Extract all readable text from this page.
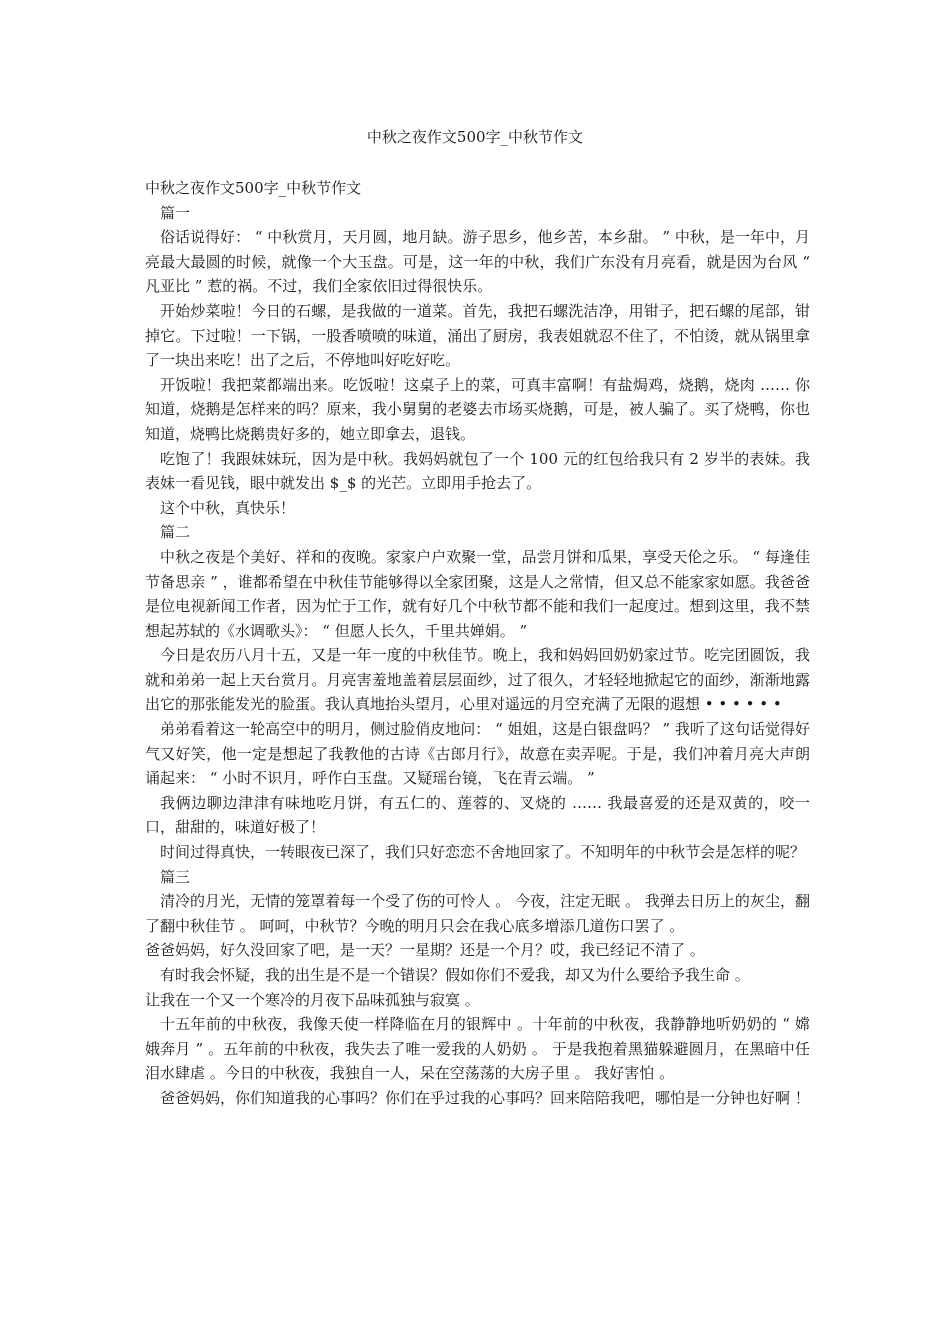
中秋之夜作文500字_中秋节作文

中秋之夜作文500字_中秋节作文

篇一

俗话说得好： “ 中秋赏月，天月圆，地月缺。游子思乡，他乡苦，本乡甜。 ” 中秋，是一年中，月亮最大最圆的时候，就像一个大玉盘。可是，这一年的中秋，我们广东没有月亮看，就是因为台风 “ 凡亚比 ” 惹的祸。不过，我们全家依旧过得很快乐。

开始炒菜啦！今日的石螺，是我做的一道菜。首先，我把石螺洗洁净，用钳子，把石螺的尾部，钳掉它。下过啦！一下锅，一股香喷喷的味道，涌出了厨房，我表姐就忍不住了，不怕烫，就从锅里拿了一块出来吃！出了之后，不停地叫好吃好吃。

开饭啦！我把菜都端出来。吃饭啦！这桌子上的菜，可真丰富啊！有盐焗鸡，烧鹅，烧肉 …… 你知道，烧鹅是怎样来的吗？原来，我小舅舅的老婆去市场买烧鹅，可是，被人骗了。买了烧鸭，你也知道，烧鸭比烧鹅贵好多的，她立即拿去，退钱。

吃饱了！我跟妹妹玩，因为是中秋。我妈妈就包了一个 100 元的红包给我只有 2 岁半的表妹。我表妹一看见钱，眼中就发出 $_$ 的光芒。立即用手抢去了。

这个中秋，真快乐！

篇二

中秋之夜是个美好、祥和的夜晚。家家户户欢聚一堂，品尝月饼和瓜果，享受天伦之乐。 “ 每逢佳节备思亲 ” ，谁都希望在中秋佳节能够得以全家团聚，这是人之常情，但又总不能家家如愿。我爸爸 是位电视新闻工作者，因为忙于工作，就有好几个中秋节都不能和我们一起度过。想到这里，我不禁想起苏轼的《水调歌头》： “ 但愿人长久，千里共婵娟。 ”

今日是农历八月十五，又是一年一度的中秋佳节。晚上，我和妈妈回奶奶家过节。吃完团圆饭，我就和弟弟一起上天台赏月。月亮害羞地盖着层层面纱，过了很久，才轻轻地掀起它的面纱，渐渐地露出它的那张能发光的脸蛋。我认真地抬头望月，心里对遥远的月空充满了无限的遐想 • • • • • •

弟弟看着这一轮高空中的明月，侧过脸俏皮地问： “ 姐姐，这是白银盘吗？ ” 我听了这句话觉得好气又好笑，他一定是想起了我教他的古诗《古郎月行》，故意在卖弄呢。于是，我们冲着月亮大声朗诵起来： “ 小时不识月，呼作白玉盘。又疑瑶台镜，飞在青云端。 ”

我俩边聊边津津有味地吃月饼，有五仁的、莲蓉的、叉烧的 …… 我最喜爱的还是双黄的，咬一口，甜甜的，味道好极了！

时间过得真快，一转眼夜已深了，我们只好恋恋不舍地回家了。不知明年的中秋节会是怎样的呢？

篇三

清冷的月光，无情的笼罩着每一个受了伤的可怜人 。 今夜，注定无眠 。 我弹去日历上的灰尘，翻了翻中秋佳节 。 呵呵，中秋节？今晚的明月只会在我心底多增添几道伤口罢了 。

爸爸妈妈，好久没回家了吧，是一天？一星期？还是一个月？哎，我已经记不清了 。

有时我会怀疑，我的出生是不是一个错误？假如你们不爱我，却又为什么要给予我生命 。

让我在一个又一个寒冷的月夜下品味孤独与寂寞 。

十五年前的中秋夜，我像天使一样降临在月的银辉中 。十年前的中秋夜，我静静地听奶奶的 “ 嫦娥奔月 ” 。五年前的中秋夜，我失去了唯一爱我的人奶奶 。 于是我抱着黑猫躲避圆月，在黑暗中任泪水肆虐 。今日的中秋夜，我独自一人，呆在空荡荡的大房子里 。 我好害怕 。

爸爸妈妈，你们知道我的心事吗？你们在乎过我的心事吗？回来陪陪我吧，哪怕是一分钟也好啊 ！
